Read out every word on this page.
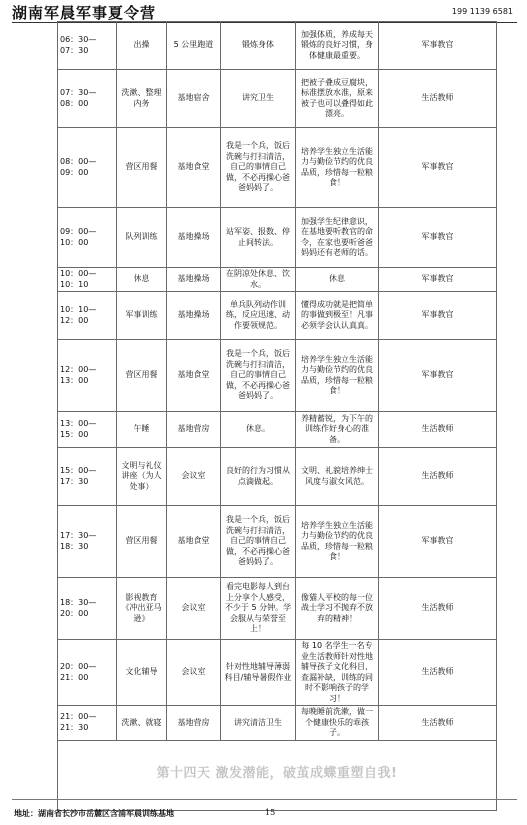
湖南军晨军事夏令营	199 1139 6581
06：30—07：30	出操	5 公里跑道	锻炼身体	加强体质，养成每天锻炼的良好习惯，身体健康最重要。	军事教官
07：30—08：00	洗漱、整理内务	基地宿舍	讲究卫生	把被子叠成豆腐块，标准摆放水准，原来被子也可以叠得如此漂亮。	生活教师
08：00—09：00	营区用餐	基地食堂	我是一个兵，饭后洗碗与打扫清洁， 自己的事情自己做，不必再操心爸爸妈妈了。	培养学生独立生活能力与勤俭节约的优良品质，珍惜每一粒粮食！	军事教官
09：00— 10：00	队列训练	基地操场	站军姿、报数、停止间转法。	加强学生纪律意识，在基地要听教官的命令，在家也要听爸爸妈妈还有老师的话。	军事教官
10：00—10：10	休息	基地操场	在阴凉处休息、饮水。	休息	军事教官
10：10—12：00	军事训练	基地操场	单兵队列动作训练，反应迅速、动作要领规范。	懂得成功就是把简单的事做到极至！凡事必须学会认认真真。	军事教官
12：00—13：00	营区用餐	基地食堂	我是一个兵，饭后洗碗与打扫清洁， 自己的事情自己做，不必再操心爸爸妈妈了。	培养学生独立生活能力与勤俭节约的优良品质，珍惜每一粒粮食！	军事教官
13：00—15：00	午睡	基地营房	休息。	养精蓄锐，为下午的训练作好身心的准备。	生活教师
15：00—17：30	文明与礼仪讲座（为人处事）	会议室	良好的行为习惯从点滴做起。	文明、礼貌培养绅士风度与淑女风范。	生活教师
17：30—18：30	营区用餐	基地食堂	我是一个兵，饭后洗碗与打扫清洁， 自己的事情自己做，不必再操心爸爸妈妈了。	培养学生独立生活能力与勤俭节约的优良品质，珍惜每一粒粮食！	军事教官
18：30—20：00	影视教育《冲出亚马逊》	会议室	看完电影每人到台上分享个人感受，不少于 5 分钟。学会服从与荣誉至上！	像猫人平校的每一位战士学习不抛弃不放弃的精神！	生活教师
20：00—21：00	文化辅导	会议室	针对性地辅导薄弱科目/辅导暑假作业	每 10 名学生一名专业生活教师针对性地辅导孩子文化科目，查漏补缺，训练的同时不影响孩子的学习！	生活教师
21：00—21：30	洗漱、就寝	基地营房	讲究清洁卫生	每晚睡前洗漱，做一个健康快乐的乖孩子。	生活教师
第十四天 激发潜能，破茧成蝶重塑自我!					
地址：湖南省长沙市岳麓区含浦军晨训练基地	15
